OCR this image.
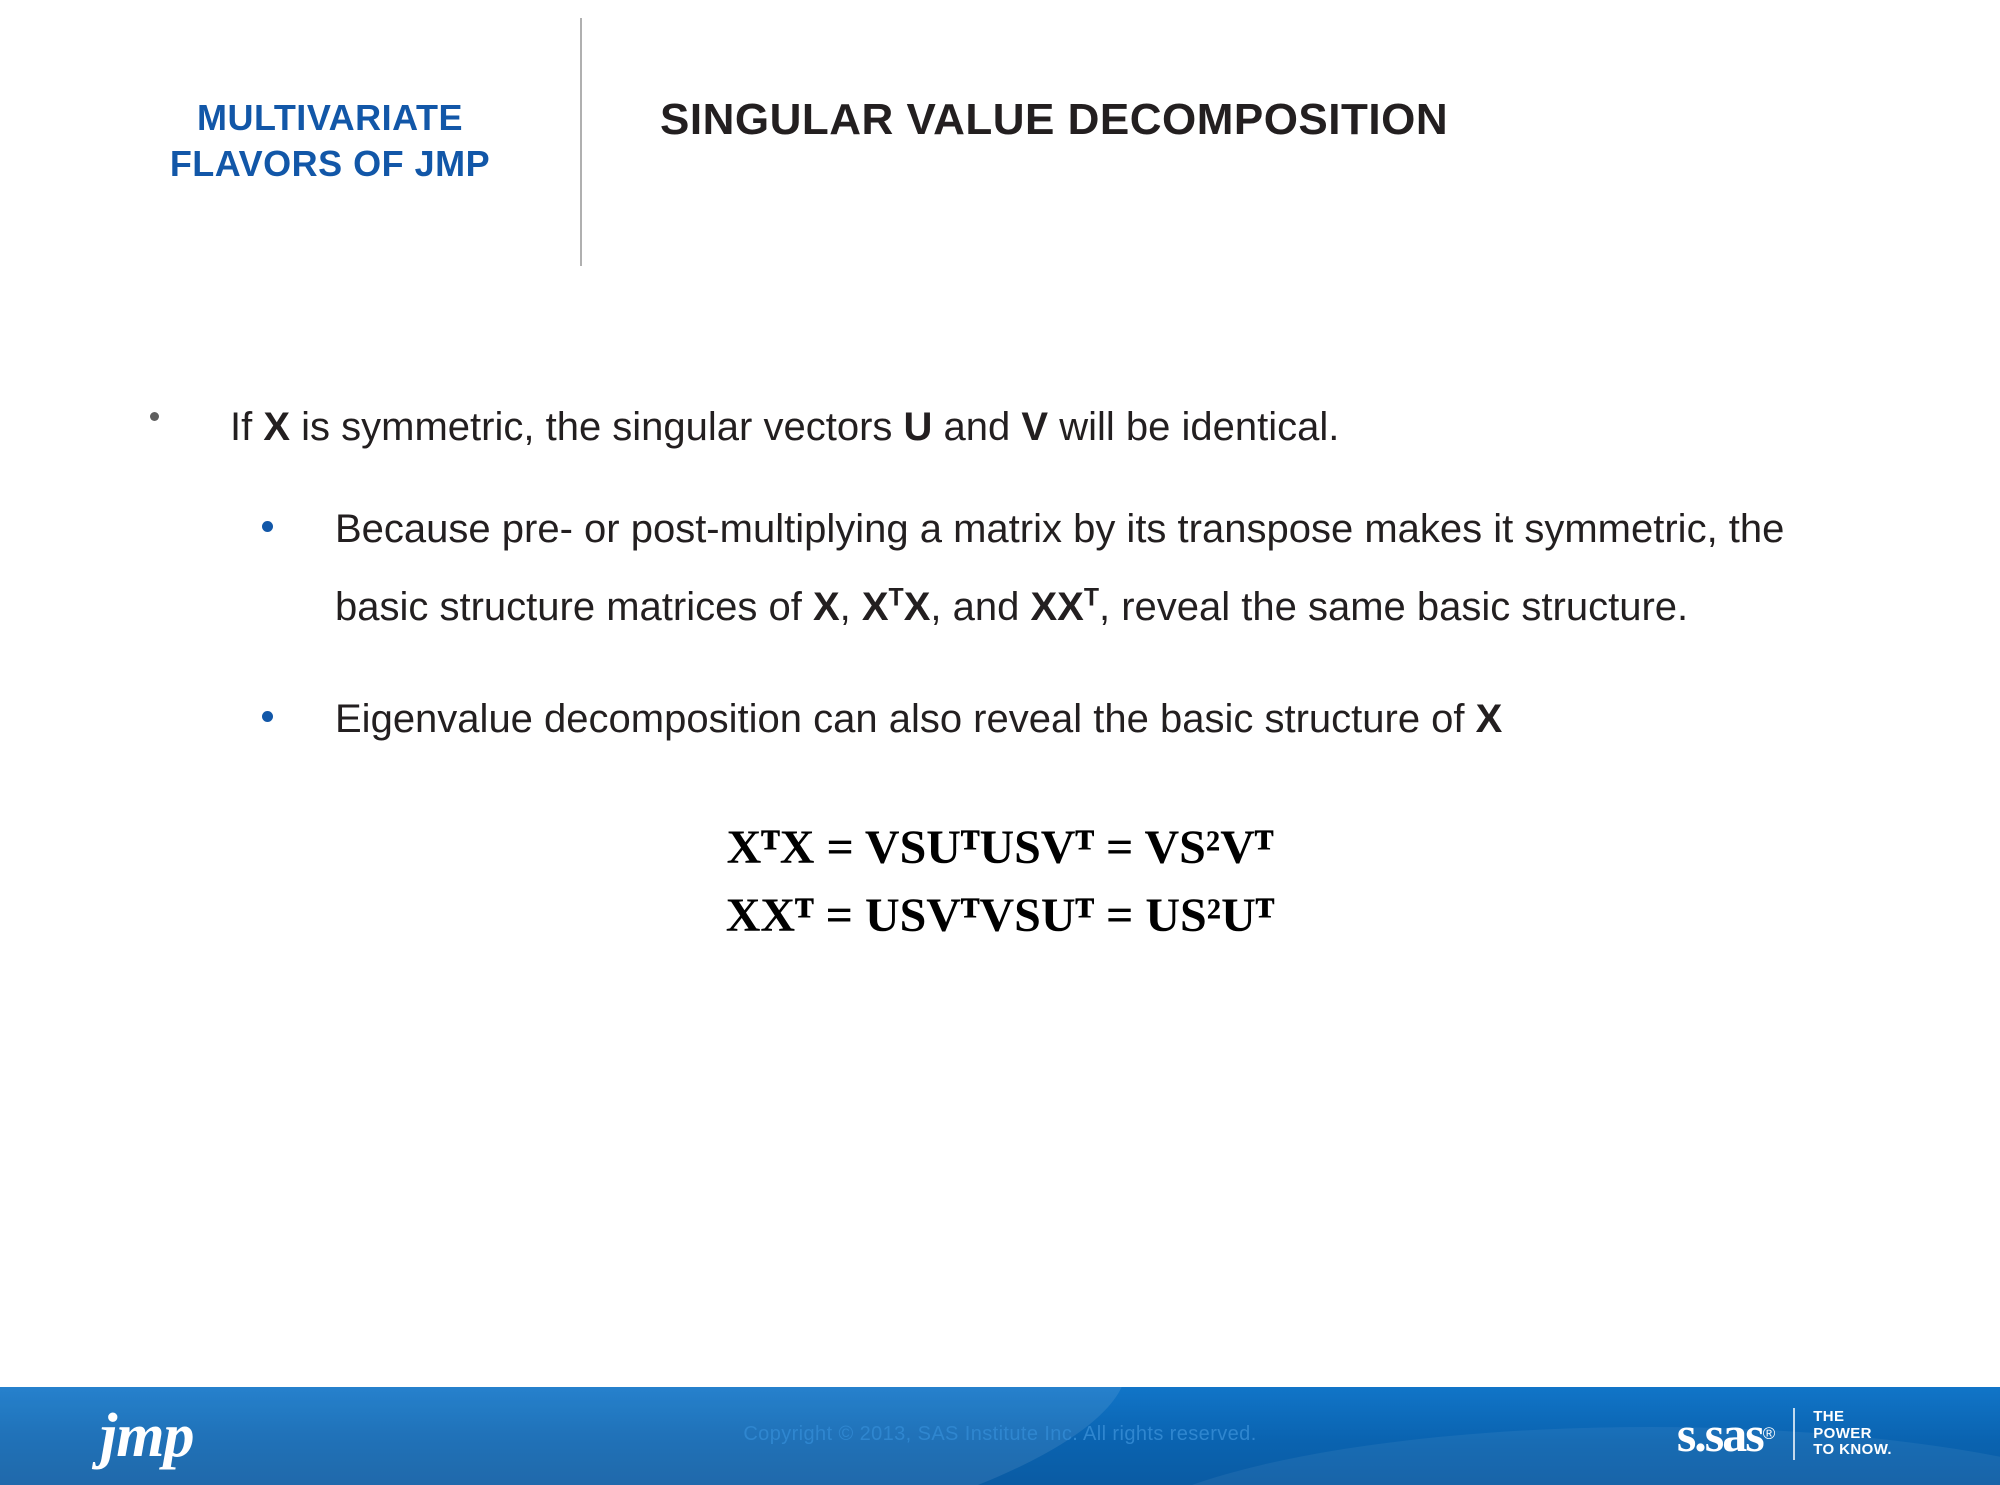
MULTIVARIATE
FLAVORS OF JMP
SINGULAR VALUE DECOMPOSITION
If X is symmetric, the singular vectors U and V will be identical.
Because pre- or post-multiplying a matrix by its transpose makes it symmetric, the basic structure matrices of X, $X^TX$, and $XX^T$, reveal the same basic structure.
Eigenvalue decomposition can also reveal the basic structure of X
XᵀX = VSUᵀUSVᵀ = VS²Vᵀ
XXᵀ = USVᵀVSUᵀ = US²Uᵀ
jmp	Copyright © 2013, SAS Institute Inc. All rights reserved.	s.sas ®
THE
POWER
TO KNOW.
